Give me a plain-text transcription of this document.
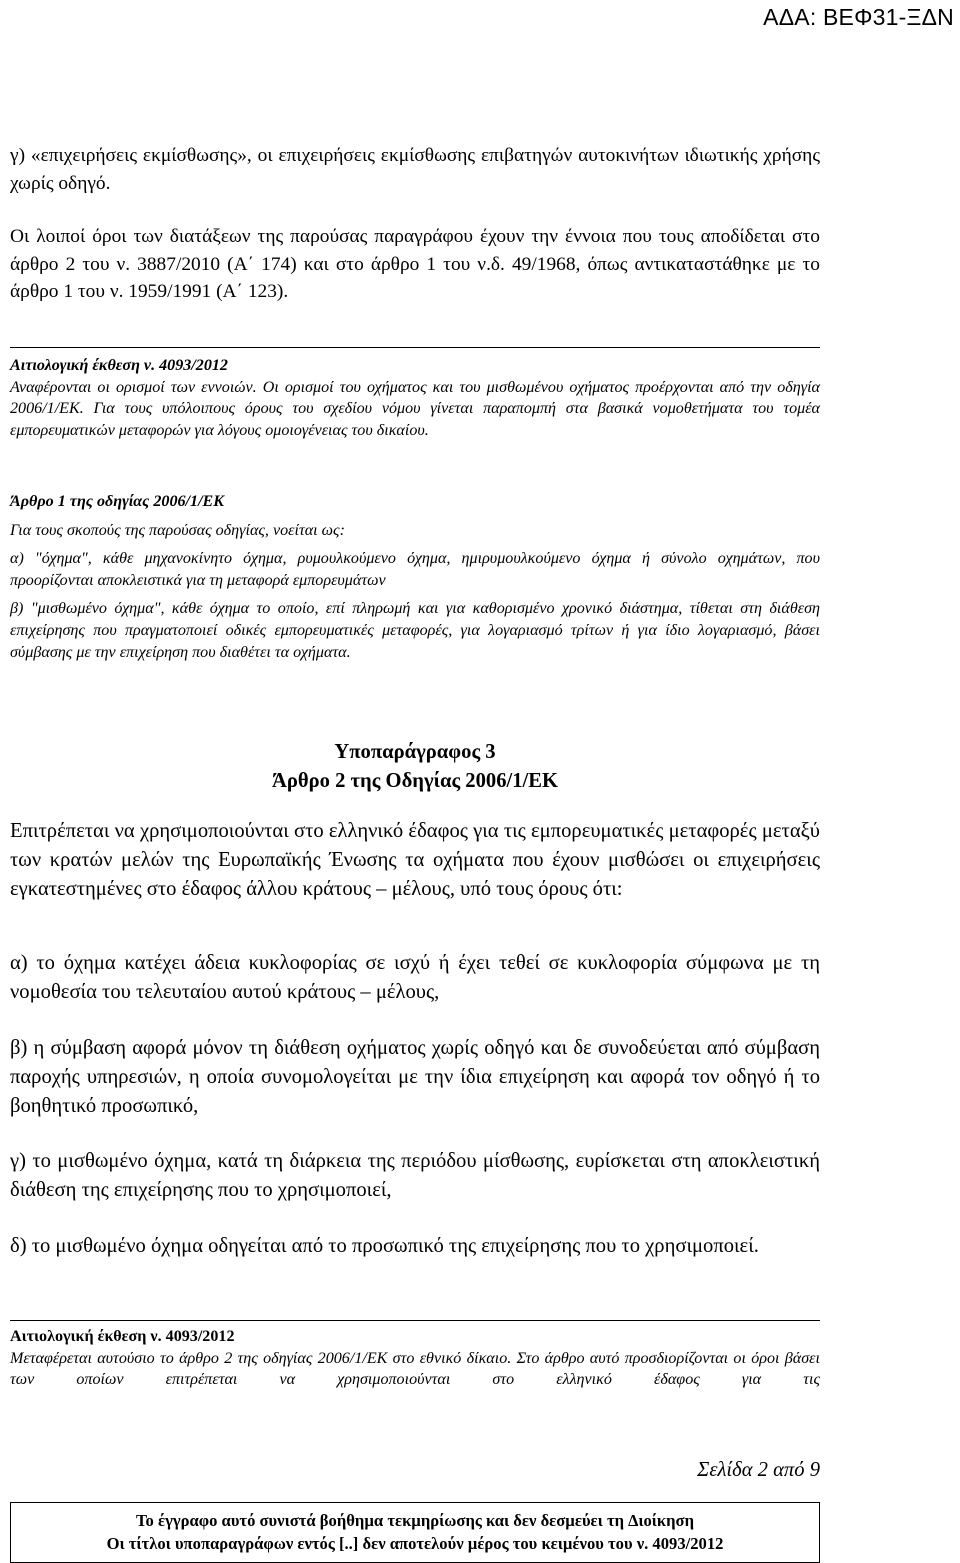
ΑΔΑ: ΒΕΦ31-ΞΔΝ

γ) «επιχειρήσεις εκμίσθωσης», οι επιχειρήσεις εκμίσθωσης επιβατηγών αυτοκινήτων ιδιωτικής χρήσης χωρίς οδηγό.

Οι λοιποί όροι των διατάξεων της παρούσας παραγράφου έχουν την έννοια που τους αποδίδεται στο άρθρο 2 του ν. 3887/2010 (Α΄ 174) και στο άρθρο 1 του ν.δ. 49/1968, όπως αντικαταστάθηκε με το άρθρο 1 του ν. 1959/1991 (Α΄ 123).

Αιτιολογική έκθεση ν. 4093/2012

Αναφέρονται οι ορισμοί των εννοιών. Οι ορισμοί του οχήματος και του μισθωμένου οχήματος προέρχονται από την οδηγία 2006/1/ΕΚ. Για τους υπόλοιπους όρους του σχεδίου νόμου γίνεται παραπομπή στα βασικά νομοθετήματα του τομέα εμπορευματικών μεταφορών για λόγους ομοιογένειας του δικαίου.

Άρθρο 1 της οδηγίας 2006/1/ΕΚ

Για τους σκοπούς της παρούσας οδηγίας, νοείται ως:

α) "όχημα", κάθε μηχανοκίνητο όχημα, ρυμουλκούμενο όχημα, ημιρυμουλκούμενο όχημα ή σύνολο οχημάτων, που προορίζονται αποκλειστικά για τη μεταφορά εμπορευμάτων

β) "μισθωμένο όχημα", κάθε όχημα το οποίο, επί πληρωμή και για καθορισμένο χρονικό διάστημα, τίθεται στη διάθεση επιχείρησης που πραγματοποιεί οδικές εμπορευματικές μεταφορές, για λογαριασμό τρίτων ή για ίδιο λογαριασμό, βάσει σύμβασης με την επιχείρηση που διαθέτει τα οχήματα.

Υποπαράγραφος 3
Άρθρο 2 της Οδηγίας 2006/1/ΕΚ

Επιτρέπεται να χρησιμοποιούνται στο ελληνικό έδαφος για τις εμπορευματικές μεταφορές μεταξύ των κρατών μελών της Ευρωπαϊκής Ένωσης τα οχήματα που έχουν μισθώσει οι επιχειρήσεις εγκατεστημένες στο έδαφος άλλου κράτους – μέλους, υπό τους όρους ότι:

α) το όχημα κατέχει άδεια κυκλοφορίας σε ισχύ ή έχει τεθεί σε κυκλοφορία σύμφωνα με τη νομοθεσία του τελευταίου αυτού κράτους – μέλους,

β) η σύμβαση αφορά μόνον τη διάθεση οχήματος χωρίς οδηγό και δε συνοδεύεται από σύμβαση παροχής υπηρεσιών, η οποία συνομολογείται με την ίδια επιχείρηση και αφορά τον οδηγό ή το βοηθητικό προσωπικό,

γ) το μισθωμένο όχημα, κατά τη διάρκεια της περιόδου μίσθωσης, ευρίσκεται στη αποκλειστική διάθεση της επιχείρησης που το χρησιμοποιεί,

δ) το μισθωμένο όχημα οδηγείται από το προσωπικό της επιχείρησης που το χρησιμοποιεί.

Αιτιολογική έκθεση ν. 4093/2012

Μεταφέρεται αυτούσιο το άρθρο 2 της οδηγίας 2006/1/ΕΚ στο εθνικό δίκαιο. Στο άρθρο αυτό προσδιορίζονται οι όροι βάσει των οποίων επιτρέπεται να χρησιμοποιούνται στο ελληνικό έδαφος για τις

Σελίδα 2 από 9
Το έγγραφο αυτό συνιστά βοήθηµα τεκµηρίωσης και δεν δεσµεύει τη ∆ιοίκηση
Οι τίτλοι υποπαραγράφων εντός [..] δεν αποτελούν µέρος του κειµένου του ν. 4093/2012
